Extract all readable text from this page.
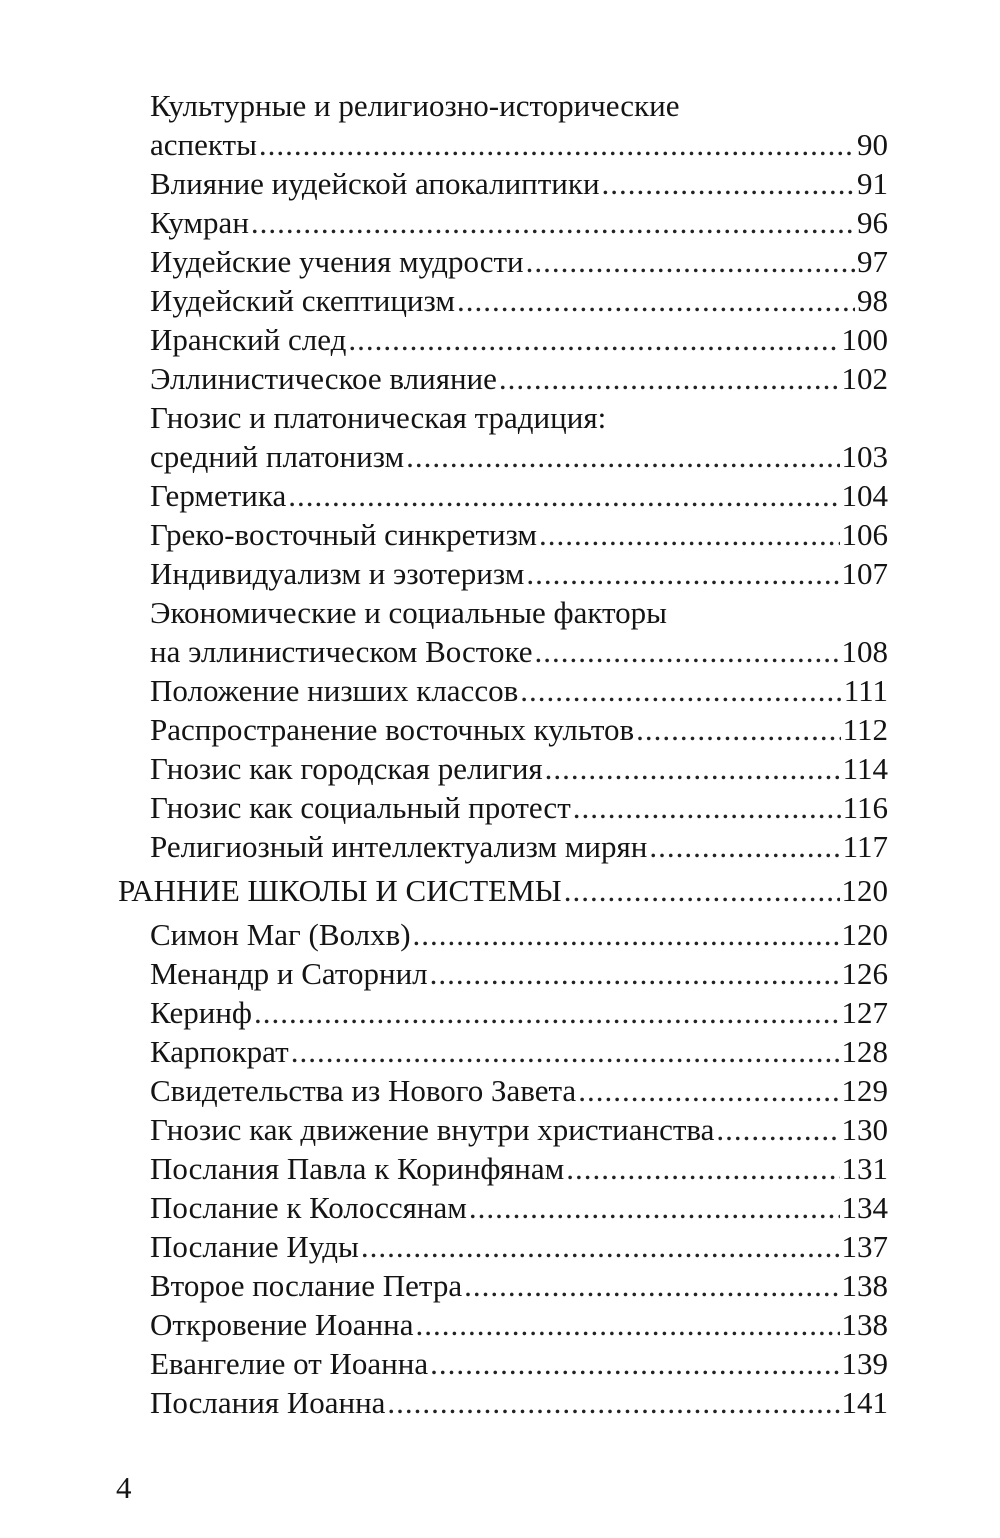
Культурные и религиозно-исторические
аспекты .....	90
Влияние иудейской апокалиптики .....	91
Кумран .....	96
Иудейские учения мудрости .....	97
Иудейский скептицизм .....	98
Иранский след .....	100
Эллинистическое влияние .....	102
Гнозис и платоническая традиция:
средний платонизм .....	103
Герметика .....	104
Греко-восточный синкретизм .....	106
Индивидуализм и эзотеризм .....	107
Экономические и социальные факторы
на эллинистическом Востоке .....	108
Положение низших классов .....	111
Распространение восточных культов .....	112
Гнозис как городская религия .....	114
Гнозис как социальный протест .....	116
Религиозный интеллектуализм мирян .....	117
РАННИЕ ШКОЛЫ И СИСТЕМЫ .....	120
Симон Маг (Волхв) .....	120
Менандр и Саторнил .....	126
Керинф .....	127
Карпократ .....	128
Свидетельства из Нового Завета .....	129
Гнозис как движение внутри христианства .....	130
Послания Павла к Коринфянам .....	131
Послание к Колоссянам .....	134
Послание Иуды .....	137
Второе послание Петра .....	138
Откровение Иоанна .....	138
Евангелие от Иоанна .....	139
Послания Иоанна .....	141
4
